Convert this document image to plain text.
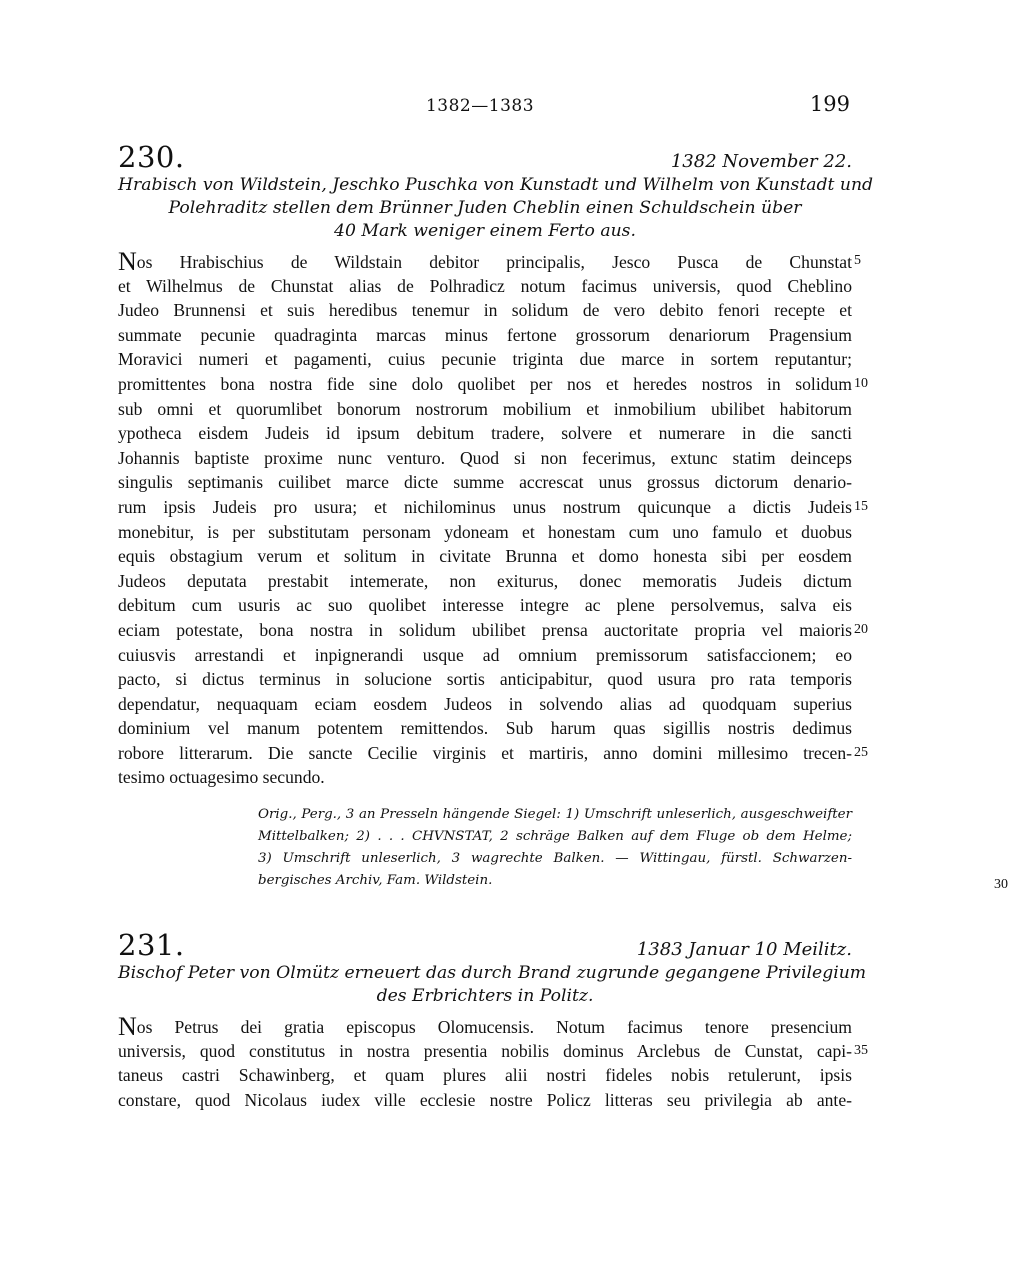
1382—1383	199
230.	1382 November 22.

Hrabisch von Wildstein, Jeschko Puschka von Kunstadt und Wilhelm von Kunstadt und
Polehraditz stellen dem Brünner Juden Cheblin einen Schuldschein über
40 Mark weniger einem Ferto aus.

Nos Hrabischius de Wildstain debitor principalis, Jesco Pusca de Chunstat 5
et Wilhelmus de Chunstat alias de Polhradicz notum facimus universis, quod Cheblino
Judeo Brunnensi et suis heredibus tenemur in solidum de vero debito fenori recepte et
summate pecunie quadraginta marcas minus fertone grossorum denariorum Pragensium
Moravici numeri et pagamenti, cuius pecunie triginta due marce in sortem reputantur;
promittentes bona nostra fide sine dolo quolibet per nos et heredes nostros in solidum 10
sub omni et quorumlibet bonorum nostrorum mobilium et inmobilium ubilibet habitorum
ypotheca eisdem Judeis id ipsum debitum tradere, solvere et numerare in die sancti
Johannis baptiste proxime nunc venturo. Quod si non fecerimus, extunc statim deinceps
singulis septimanis cuilibet marce dicte summe accrescat unus grossus dictorum denario-
rum ipsis Judeis pro usura; et nichilominus unus nostrum quicunque a dictis Judeis 15
monebitur, is per substitutam personam ydoneam et honestam cum uno famulo et duobus
equis obstagium verum et solitum in civitate Brunna et domo honesta sibi per eosdem
Judeos deputata prestabit intemerate, non exiturus, donec memoratis Judeis dictum
debitum cum usuris ac suo quolibet interesse integre ac plene persolvemus, salva eis
eciam potestate, bona nostra in solidum ubilibet prensa auctoritate propria vel maioris 20
cuiusvis arrestandi et inpignerandi usque ad omnium premissorum satisfaccionem; eo
pacto, si dictus terminus in solucione sortis anticipabitur, quod usura pro rata temporis
dependatur, nequaquam eciam eosdem Judeos in solvendo alias ad quodquam superius
dominium vel manum potentem remittendos. Sub harum quas sigillis nostris dedimus
robore litterarum. Die sancte Cecilie virginis et martiris, anno domini millesimo trecen- 25
tesimo octuagesimo secundo.
Orig., Perg., 3 an Presseln hängende Siegel: 1) Umschrift unleserlich, ausgeschweifter
Mittelbalken; 2) . . . CHVNSTAT, 2 schräge Balken auf dem Fluge ob dem Helme;
3) Umschrift unleserlich, 3 wagrechte Balken. — Wittingau, fürstl. Schwarzen-
bergisches Archiv, Fam. Wildstein.	30
231.	1383 Januar 10 Meilitz.

Bischof Peter von Olmütz erneuert das durch Brand zugrunde gegangene Privilegium
des Erbrichters in Politz.

Nos Petrus dei gratia episcopus Olomucensis. Notum facimus tenore presencium
universis, quod constitutus in nostra presentia nobilis dominus Arclebus de Cunstat, capi- 35
taneus castri Schawinberg, et quam plures alii nostri fideles nobis retulerunt, ipsis
constare, quod Nicolaus iudex ville ecclesie nostre Policz litteras seu privilegia ab ante-
